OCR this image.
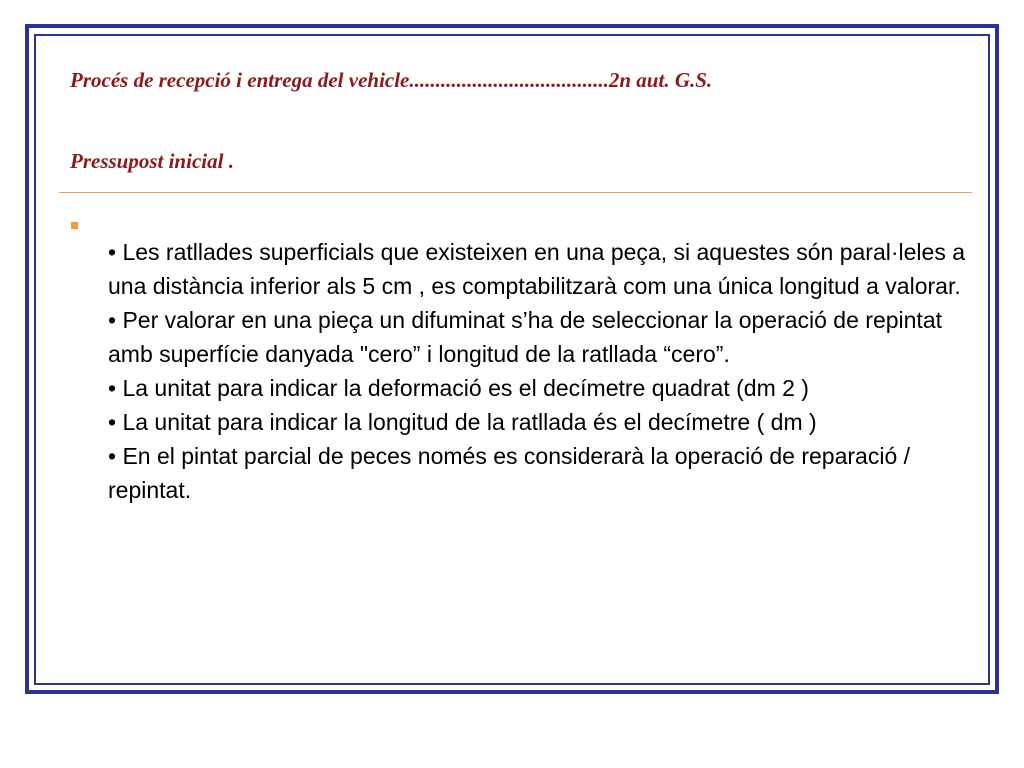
Procés de recepció i entrega del vehicle......................................2n aut. G.S.
Pressupost inicial .
• Les ratllades superficials que existeixen en una peça, si aquestes són paral·leles a una distància inferior als 5 cm , es comptabilitzarà com una única longitud a valorar.
• Per valorar en una pieça un difuminat s’ha de seleccionar la operació de repintat amb superfície danyada "cero” i longitud de la ratllada “cero”.
• La unitat para indicar la deformació es el decímetre quadrat (dm 2 )
• La unitat para indicar la longitud de la ratllada és el decímetre ( dm )
• En el pintat parcial de peces només es considerarà la operació de reparació / repintat.
